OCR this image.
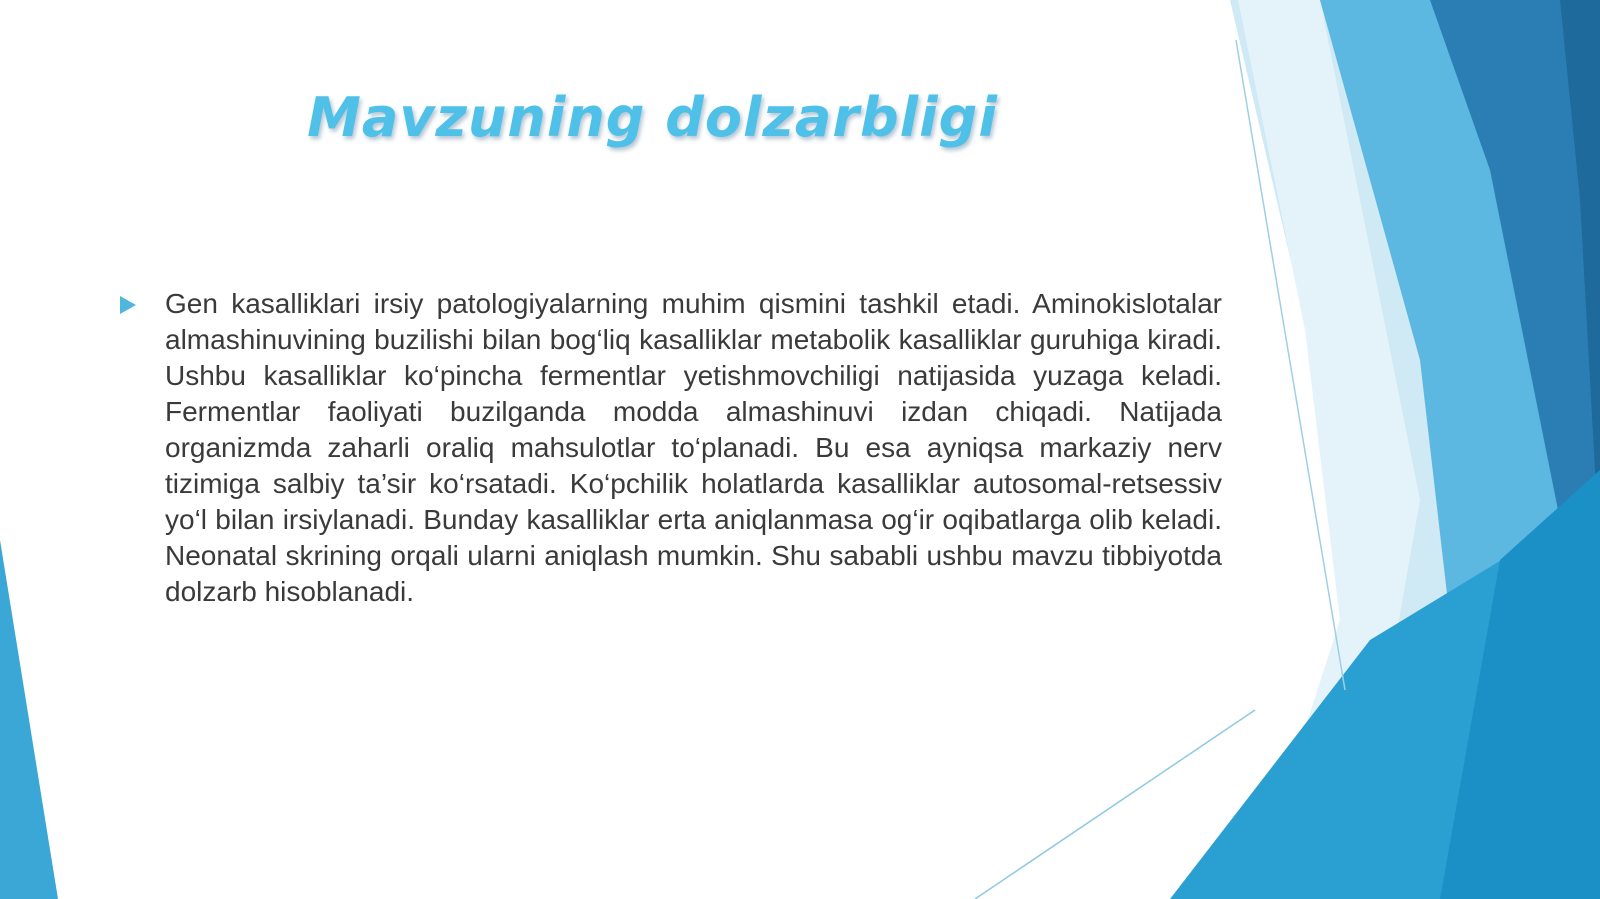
Mavzuning dolzarbligi

Gen kasalliklari irsiy patologiyalarning muhim qismini tashkil etadi. Aminokislotalar almashinuvining buzilishi bilan bog‘liq kasalliklar metabolik kasalliklar guruhiga kiradi. Ushbu kasalliklar ko‘pincha fermentlar yetishmovchiligi natijasida yuzaga keladi. Fermentlar faoliyati buzilganda modda almashinuvi izdan chiqadi. Natijada organizmda zaharli oraliq mahsulotlar to‘planadi. Bu esa ayniqsa markaziy nerv tizimiga salbiy ta’sir ko‘rsatadi. Ko‘pchilik holatlarda kasalliklar autosomal-retsessiv yo‘l bilan irsiylanadi. Bunday kasalliklar erta aniqlanmasa og‘ir oqibatlarga olib keladi. Neonatal skrining orqali ularni aniqlash mumkin. Shu sababli ushbu mavzu tibbiyotda dolzarb hisoblanadi.
